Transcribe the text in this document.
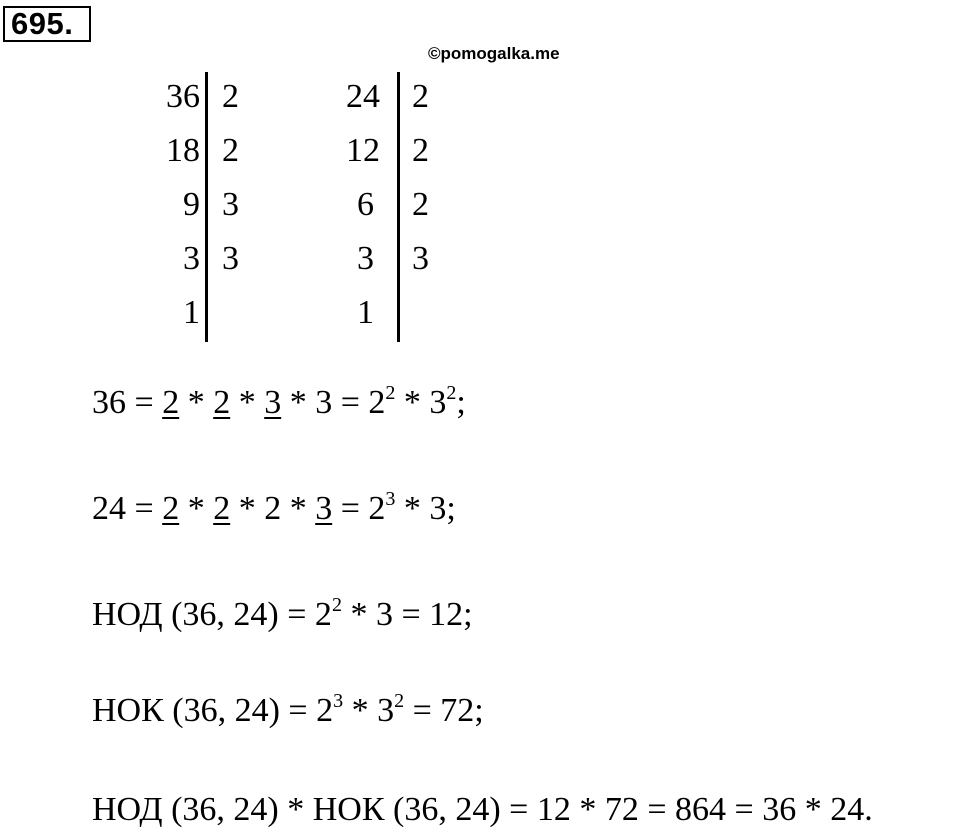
695.
©pomogalka.me
36
18
9
3
1
2
2
3
3
24
12
6
3
1
2
2
2
3
$36 = 2 * 2 * 3 * 3 = 2^2 * 3^2$;
$24 = 2 * 2 * 2 * 3 = 2^3 * 3$;
НОД (36, $24) = 2^2 * 3 = 12$;
НОК (36, $24) = 2^3 * 3^2 = 72$;
НОД (36, 24) * НОК (36, 24) = 12 * 72 = 864 = 36 * 24.
